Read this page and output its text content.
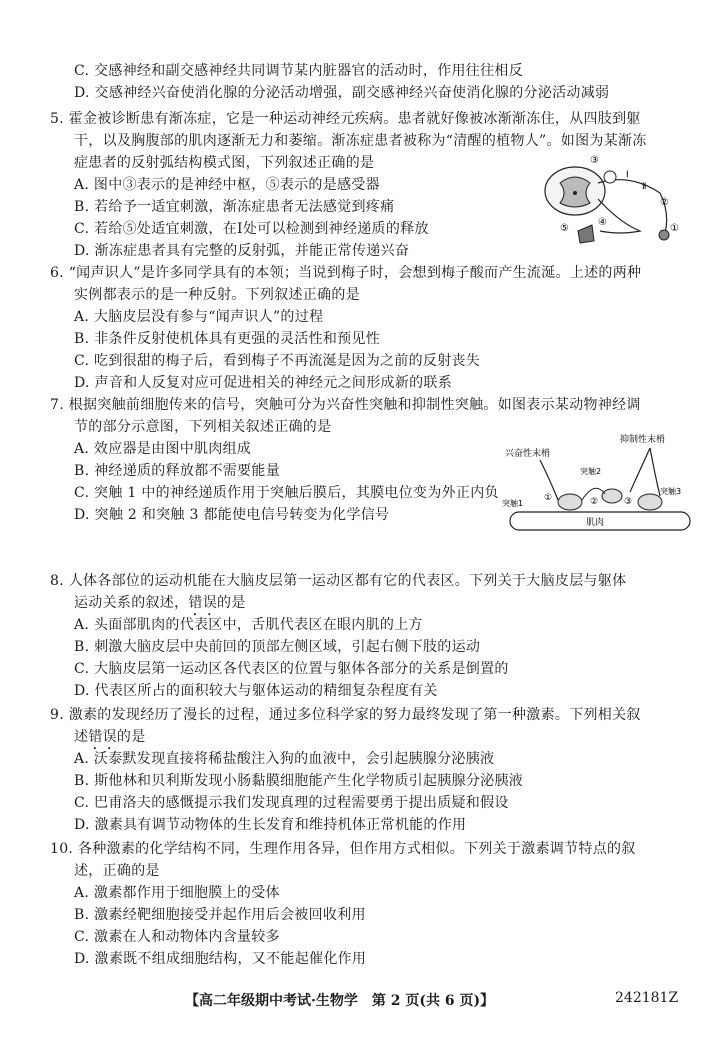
C. 交感神经和副交感神经共同调节某内脏器官的活动时，作用往往相反
D. 交感神经兴奋使消化腺的分泌活动增强，副交感神经兴奋使消化腺的分泌活动减弱
5. 霍金被诊断患有渐冻症，它是一种运动神经元疾病。患者就好像被冰渐渐冻住，从四肢到躯
干，以及胸腹部的肌肉逐渐无力和萎缩。渐冻症患者被称为“清醒的植物人”。如图为某渐冻
症患者的反射弧结构模式图，下列叙述正确的是
A. 图中③表示的是神经中枢，⑤表示的是感受器
B. 若给予一适宜刺激，渐冻症患者无法感觉到疼痛
C. 若给⑤处适宜刺激，在Ⅰ处可以检测到神经递质的释放
D. 渐冻症患者具有完整的反射弧，并能正常传递兴奋
③
Ⅰ
Ⅱ
②
①
④
⑤
6. “闻声识人”是许多同学具有的本领；当说到梅子时，会想到梅子酸而产生流涎。上述的两种
实例都表示的是一种反射。下列叙述正确的是
A. 大脑皮层没有参与“闻声识人”的过程
B. 非条件反射使机体具有更强的灵活性和预见性
C. 吃到很甜的梅子后，看到梅子不再流涎是因为之前的反射丧失
D. 声音和人反复对应可促进相关的神经元之间形成新的联系
7. 根据突触前细胞传来的信号，突触可分为兴奋性突触和抑制性突触。如图表示某动物神经调
节的部分示意图，下列相关叙述正确的是
A. 效应器是由图中肌肉组成
B. 神经递质的释放都不需要能量
C. 突触 1 中的神经递质作用于突触后膜后，其膜电位变为外正内负
D. 突触 2 和突触 3 都能使电信号转变为化学信号
兴奋性末梢
抑制性末梢
肌肉
突触1
突触2
突触3
①	②	③
8. 人体各部位的运动机能在大脑皮层第一运动区都有它的代表区。下列关于大脑皮层与躯体
运动关系的叙述，错误的是
A. 头面部肌肉的代表区中，舌肌代表区在眼内肌的上方
B. 刺激大脑皮层中央前回的顶部左侧区域，引起右侧下肢的运动
C. 大脑皮层第一运动区各代表区的位置与躯体各部分的关系是倒置的
D. 代表区所占的面积较大与躯体运动的精细复杂程度有关
9. 激素的发现经历了漫长的过程，通过多位科学家的努力最终发现了第一种激素。下列相关叙
述错误的是
A. 沃泰默发现直接将稀盐酸注入狗的血液中，会引起胰腺分泌胰液
B. 斯他林和贝利斯发现小肠黏膜细胞能产生化学物质引起胰腺分泌胰液
C. 巴甫洛夫的感慨提示我们发现真理的过程需要勇于提出质疑和假设
D. 激素具有调节动物体的生长发育和维持机体正常机能的作用
10. 各种激素的化学结构不同，生理作用各异，但作用方式相似。下列关于激素调节特点的叙
述，正确的是
A. 激素都作用于细胞膜上的受体
B. 激素经靶细胞接受并起作用后会被回收利用
C. 激素在人和动物体内含量较多
D. 激素既不组成细胞结构，又不能起催化作用
【高二年级期中考试·生物学　第 2 页(共 6 页)】	242181Z
